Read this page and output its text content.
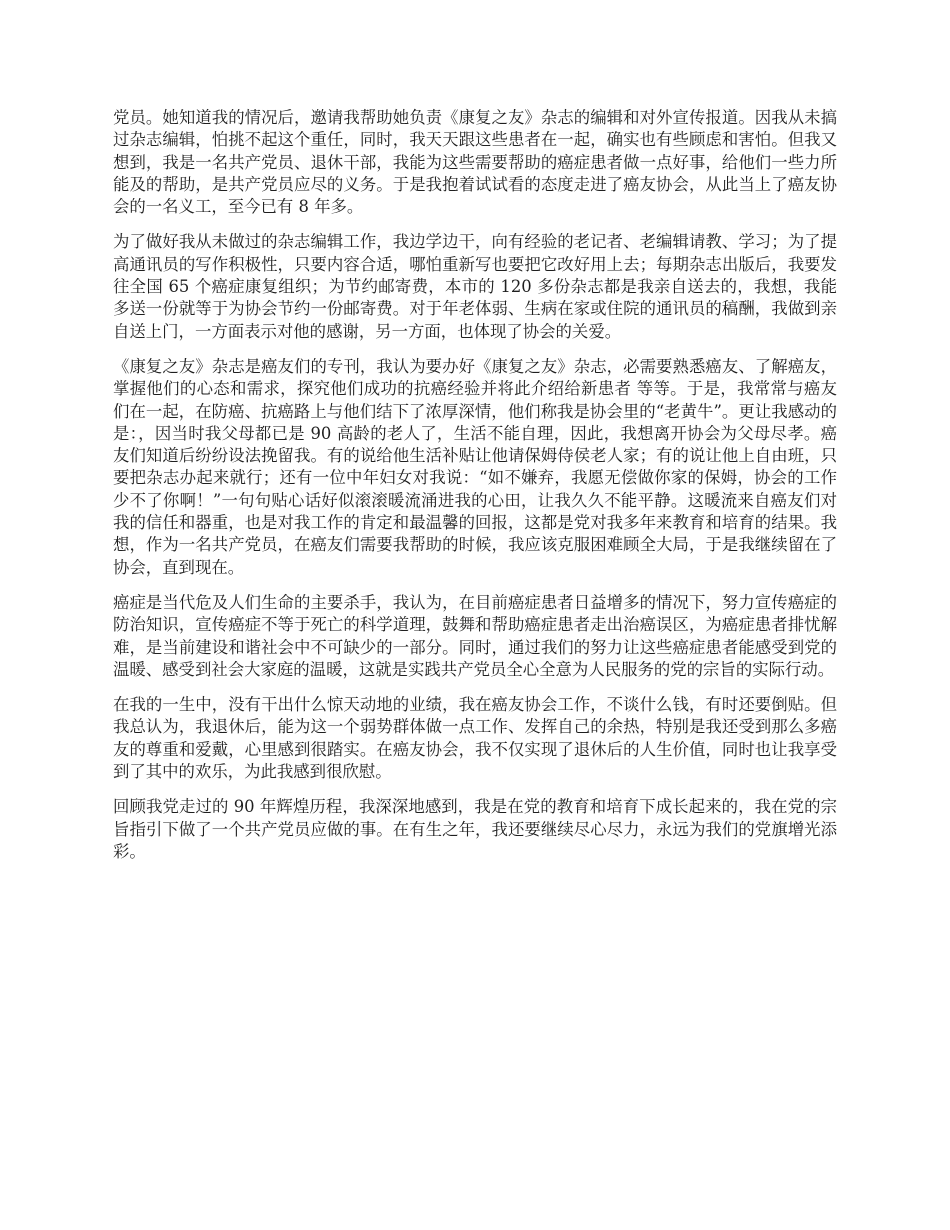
党员。她知道我的情况后，邀请我帮助她负责《康复之友》杂志的编辑和对外宣传报道。因我从未搞过杂志编辑，怕挑不起这个重任，同时，我天天跟这些患者在一起，确实也有些顾虑和害怕。但我又想到，我是一名共产党员、退休干部，我能为这些需要帮助的癌症患者做一点好事，给他们一些力所能及的帮助，是共产党员应尽的义务。于是我抱着试试看的态度走进了癌友协会，从此当上了癌友协会的一名义工，至今已有 8 年多。

为了做好我从未做过的杂志编辑工作，我边学边干，向有经验的老记者、老编辑请教、学习；为了提高通讯员的写作积极性，只要内容合适，哪怕重新写也要把它改好用上去；每期杂志出版后，我要发往全国 65 个癌症康复组织；为节约邮寄费，本市的 120 多份杂志都是我亲自送去的，我想，我能多送一份就等于为协会节约一份邮寄费。对于年老体弱、生病在家或住院的通讯员的稿酬，我做到亲自送上门，一方面表示对他的感谢，另一方面，也体现了协会的关爱。

《康复之友》杂志是癌友们的专刊，我认为要办好《康复之友》杂志，必需要熟悉癌友、了解癌友，掌握他们的心态和需求，探究他们成功的抗癌经验并将此介绍给新患者 等等。于是，我常常与癌友们在一起，在防癌、抗癌路上与他们结下了浓厚深情，他们称我是协会里的“老黄牛”。更让我感动的是：，因当时我父母都已是 90 高龄的老人了，生活不能自理，因此，我想离开协会为父母尽孝。癌友们知道后纷纷设法挽留我。有的说给他生活补贴让他请保姆侍侯老人家；有的说让他上自由班，只要把杂志办起来就行；还有一位中年妇女对我说：“如不嫌弃，我愿无偿做你家的保姆，协会的工作少不了你啊！”一句句贴心话好似滚滚暖流涌进我的心田，让我久久不能平静。这暖流来自癌友们对我的信任和器重，也是对我工作的肯定和最温馨的回报，这都是党对我多年来教育和培育的结果。我想，作为一名共产党员，在癌友们需要我帮助的时候，我应该克服困难顾全大局，于是我继续留在了协会，直到现在。

癌症是当代危及人们生命的主要杀手，我认为，在目前癌症患者日益增多的情况下，努力宣传癌症的防治知识，宣传癌症不等于死亡的科学道理，鼓舞和帮助癌症患者走出治癌误区，为癌症患者排忧解难，是当前建设和谐社会中不可缺少的一部分。同时，通过我们的努力让这些癌症患者能感受到党的温暖、感受到社会大家庭的温暖，这就是实践共产党员全心全意为人民服务的党的宗旨的实际行动。

在我的一生中，没有干出什么惊天动地的业绩，我在癌友协会工作，不谈什么钱，有时还要倒贴。但我总认为，我退休后，能为这一个弱势群体做一点工作、发挥自己的余热，特别是我还受到那么多癌友的尊重和爱戴，心里感到很踏实。在癌友协会，我不仅实现了退休后的人生价值，同时也让我享受到了其中的欢乐，为此我感到很欣慰。

回顾我党走过的 90 年辉煌历程，我深深地感到，我是在党的教育和培育下成长起来的，我在党的宗旨指引下做了一个共产党员应做的事。在有生之年，我还要继续尽心尽力，永远为我们的党旗增光添彩。
